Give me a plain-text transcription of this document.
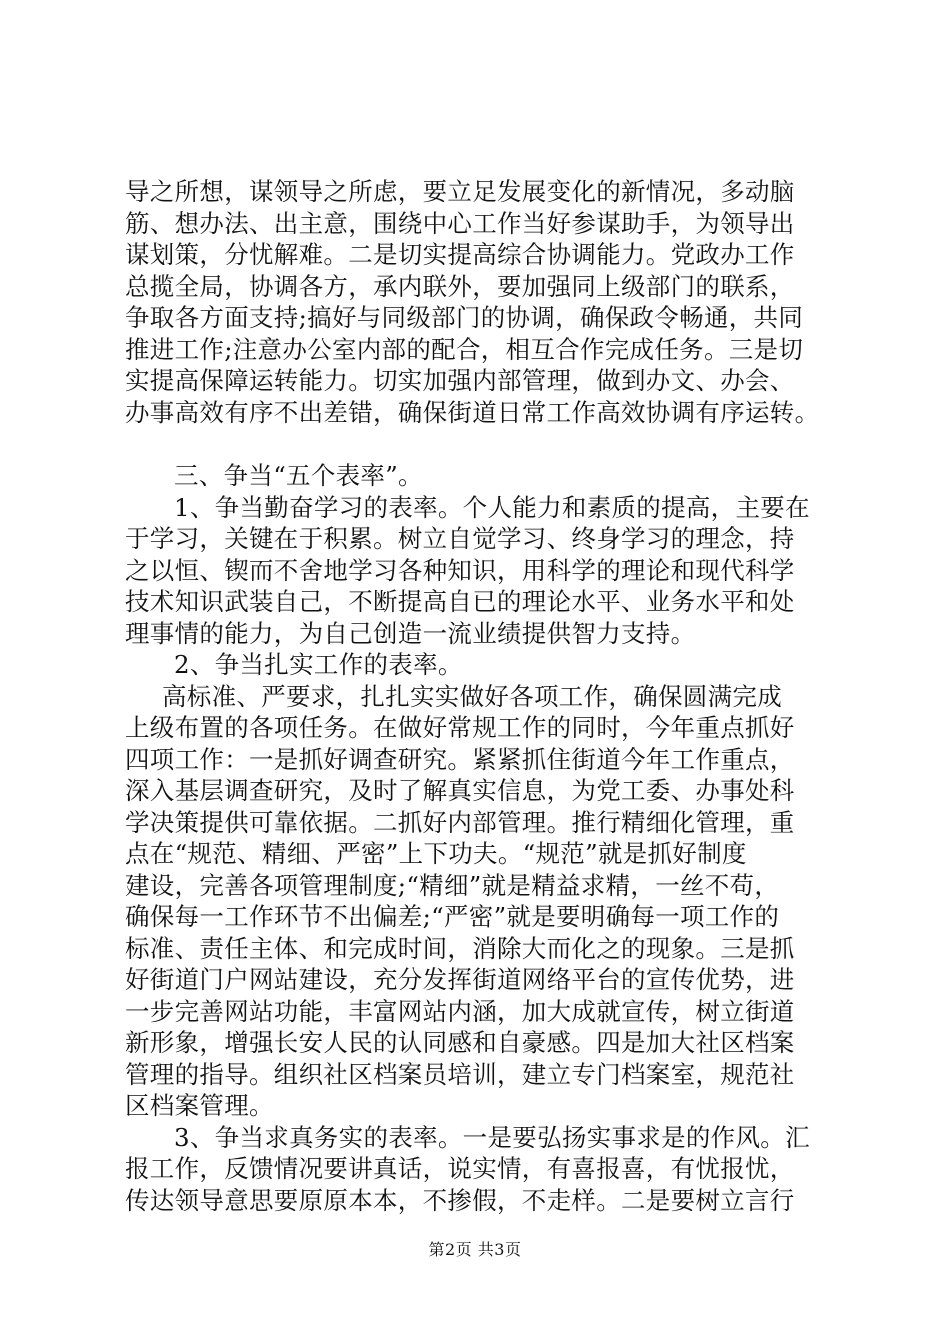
导之所想，谋领导之所虑，要立足发展变化的新情况，多动脑
筋、想办法、出主意，围绕中心工作当好参谋助手，为领导出
谋划策，分忧解难。二是切实提高综合协调能力。党政办工作
总揽全局，协调各方，承内联外，要加强同上级部门的联系，
争取各方面支持;搞好与同级部门的协调，确保政令畅通，共同
推进工作;注意办公室内部的配合，相互合作完成任务。三是切
实提高保障运转能力。切实加强内部管理，做到办文、办会、
办事高效有序不出差错，确保街道日常工作高效协调有序运转。
三、争当“五个表率”。
1、争当勤奋学习的表率。个人能力和素质的提高，主要在
于学习，关键在于积累。树立自觉学习、终身学习的理念，持
之以恒、锲而不舍地学习各种知识，用科学的理论和现代科学
技术知识武装自己，不断提高自已的理论水平、业务水平和处
理事情的能力，为自己创造一流业绩提供智力支持。
2、争当扎实工作的表率。
高标准、严要求，扎扎实实做好各项工作，确保圆满完成
上级布置的各项任务。在做好常规工作的同时，今年重点抓好
四项工作：一是抓好调查研究。紧紧抓住街道今年工作重点，
深入基层调查研究，及时了解真实信息，为党工委、办事处科
学决策提供可靠依据。二抓好内部管理。推行精细化管理，重
点在“规范、精细、严密”上下功夫。“规范”就是抓好制度
建设，完善各项管理制度;“精细”就是精益求精，一丝不苟，
确保每一工作环节不出偏差;“严密”就是要明确每一项工作的
标准、责任主体、和完成时间，消除大而化之的现象。三是抓
好街道门户网站建设，充分发挥街道网络平台的宣传优势，进
一步完善网站功能，丰富网站内涵，加大成就宣传，树立街道
新形象，增强长安人民的认同感和自豪感。四是加大社区档案
管理的指导。组织社区档案员培训，建立专门档案室，规范社
区档案管理。
3、争当求真务实的表率。一是要弘扬实事求是的作风。汇
报工作，反馈情况要讲真话，说实情，有喜报喜，有忧报忧，
传达领导意思要原原本本，不掺假，不走样。二是要树立言行
第2页 共3页
